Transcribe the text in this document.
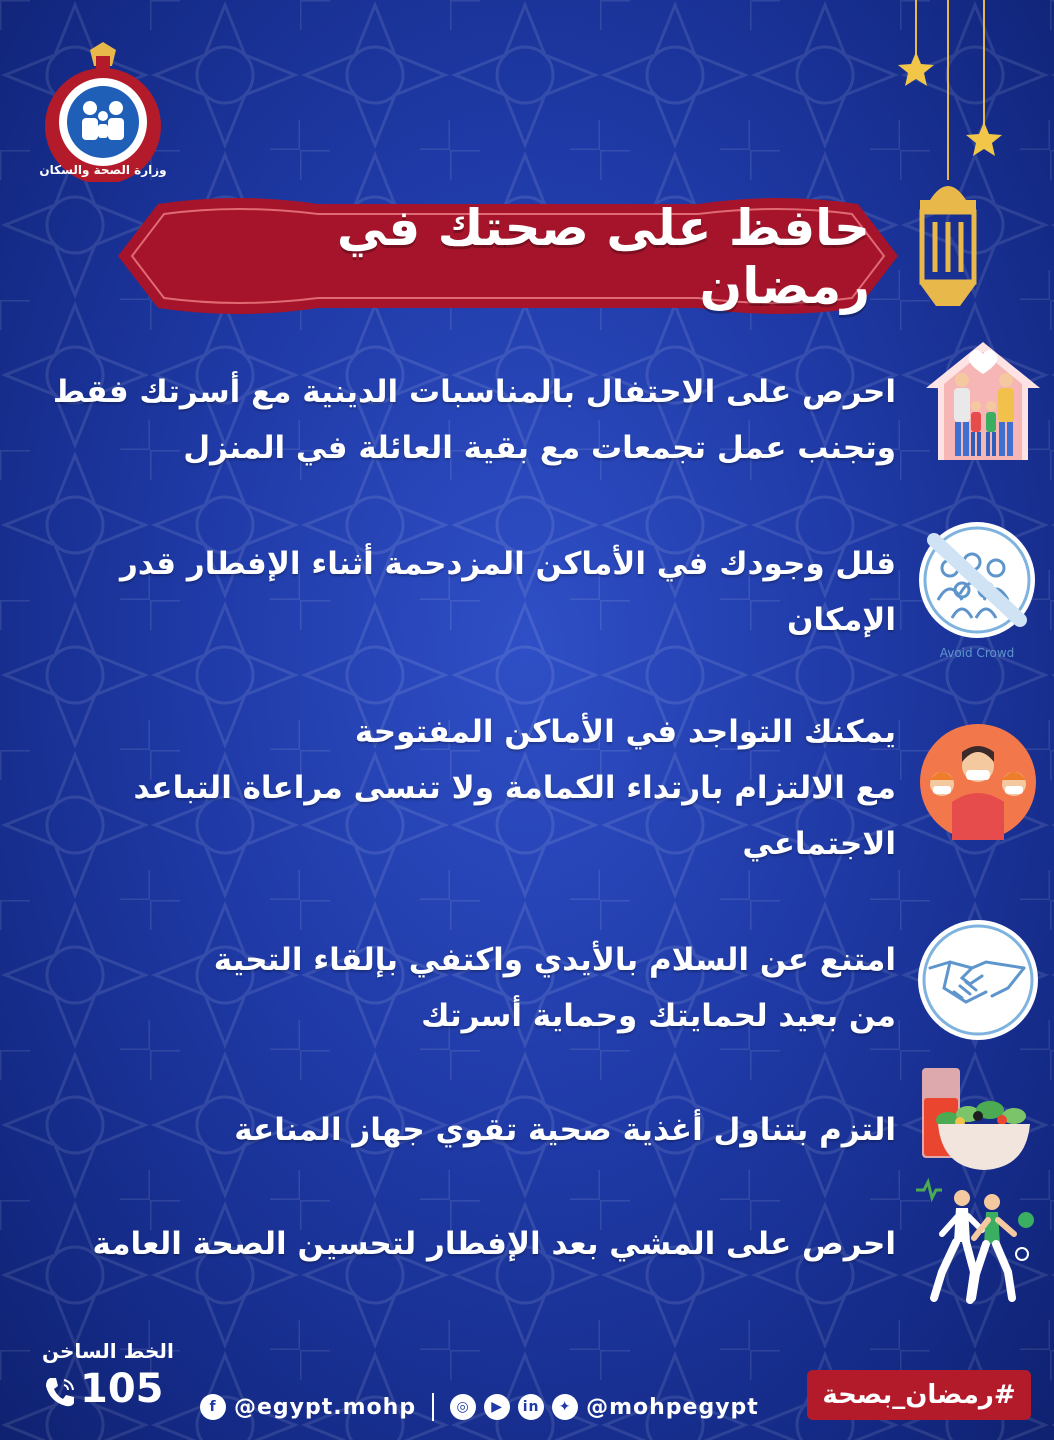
وزارة الصحة والسكان
حافظ على صحتك في رمضان
احرص على الاحتفال بالمناسبات الدينية مع أسرتك فقط
وتجنب عمل تجمعات مع بقية العائلة في المنزل
قلل وجودك في الأماكن المزدحمة أثناء الإفطار قدر
الإمكان
Avoid Crowd
يمكنك التواجد في الأماكن المفتوحة
مع الالتزام بارتداء الكمامة ولا تنسى مراعاة التباعد
الاجتماعي
امتنع عن السلام بالأيدي واكتفي بإلقاء التحية
من بعيد لحمايتك وحماية أسرتك
التزم بتناول أغذية صحية تقوي جهاز المناعة
احرص على المشي بعد الإفطار لتحسين الصحة العامة
الخط الساخن
105	f @egypt.mohp	◎	▶	in	✦ @mohpegypt	#رمضان_بصحة
